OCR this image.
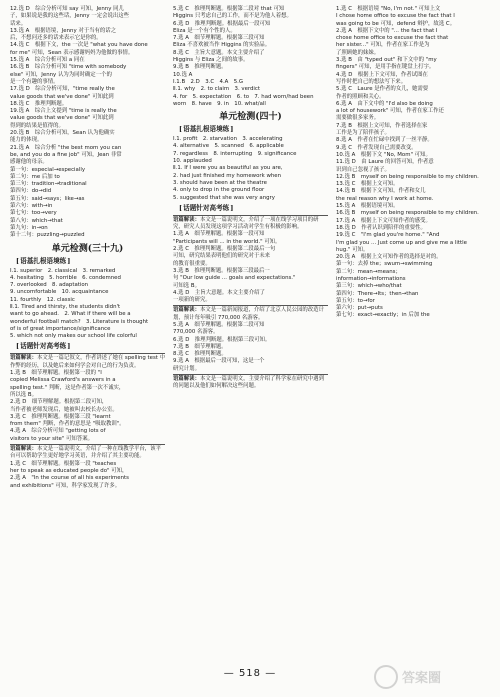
12.选 D　综合分析可知 say 可知，Jenny 同儿

子，如果说是我的这些话，Jenny 一定会说出这些

话来。

13.选 A　根据语境，Jenny 对于当有的话之

后，不想问还多的话来表示它是你的。

14.选 C　根据下文，the 一次是 "what you have done

for me" 可知，Sean 表示感谢妈妈为他做的事情。

15.选 A　综合分析可知 a 同在

16.选 B　综合分析可知 "time with somebody

else" 可知，Jenny 认为为同时确定一个的

是一个有趣的事情。

17.选 D　综合分析可知，"time really the

value goods that we've done" 可知此到

18.选 C　推理判断题。

19.选 A　综合上文提到 "time is really the

value goods that we've done" 可知此到

得到的结果是值得的。

20.选 B　综合分析可知，Sean 认为他确实

能力的体现。

21.选 A　综合分析 "the best mom you can

be, and you do a fine job" 可知，Jean 非常

感谢他的母亲。

第一句：especial→especially

第二句：me 后加 to

第三句：tradition→traditional

第四句：do→did

第五句：said→says；like→as

第六句：with→in

第七句：too→very

第八句：which→that

第九句：in→on

第十二句：puzzling→puzzled

单元检测(三十九)
[ 语基扎根语境练 ]

Ⅰ.1. superior　2. classical　3. remarked

4. hesitating　5. horrible　6. condemned

7. overlooked　8. adaptation

9. uncomfortable　10. acquaintance

11. fourthly　12. classic

Ⅱ.1. Tired and thirsty, the students didn't

want to go ahead.　2. What if there will be a

wonderful football match?　3. Literature is thought

of is of great importance/significance

5. which not only makes our school life colorful

[ 话题针对高考练 ]

语篇解读：本文是一篇记叙文，作者讲述了她在 spelling test 中作弊的经历，以及她后来如何学会对自己的行为负责。

1.选 B　细节理解题。根据第一段的 "I

copied Melissa Crawford's answers in a

spelling test." 判断，这是作者第一次不诚实，

所以选 B。

2.选 D　细节理解题。根据第二段可知，

当作者被老师发现后，她被叫去校长办公室。

3.选 C　推理判断题。根据第三段 "learnt

from them" 判断，作者的意思是 "吸取教训"。

4.选 A　综合分析可知 "getting lots of

visitors to your site" 可知答案。

语篇解读：本文是一篇说明文，介绍了一种在线教学平台，该平台可以帮助学生更好地学习英语，并介绍了其主要功能。

1.选 C　细节理解题。根据第一段 "teaches

her to speak as educated people do" 可知，

2.选 A　"In the course of all his experiments

and exhibitions" 可知，科学家发现了许多。

5.选 C　推理判断题。根据第二段对 that 可知

Higgins 只考虑自己的工作，而不是为他人着想。

6.选 D　推理判断题。根据最后一段可知

Eliza 是一个有个性的人。

7.选 A　细节理解题。根据第三段可知

Eliza 不喜欢被当作 Higgins 的实验品。

8.选 C　主旨大意题。本文主要介绍了

Higgins 与 Eliza 之间的故事。

9.选 B　推理判断题。

10.选 A

Ⅰ.1.B　2.D　3.C　4.A　5.G

Ⅱ.1. why　2. to claim　3. verdict

4. for　5. expectation　6. to　7. had worn/had been

worn　8. have　9. in　10. what/all

单元检测(四十)
[ 语基扎根语境练 ]

Ⅰ.1. profit　2. starvation　3. accelerating

4. alternative　5. scanned　6. applicable

7. regardless　8. interrupting　9. significance

10. applauded

Ⅱ.1. If I were you as beautiful as you are,

2. had just finished my homework when

3. should have been at the theatre

4. only to drop in the ground floor

5. suggested that she was very angry

[ 话题针对高考练 ]

语篇解读：本文是一篇说明文，介绍了一项在线学习项目的研究，研究人员发现这项学习活动对学生有积极的影响。

1.选 A　细节理解题。根据第一段可知

"Participants will ... in the world." 可知。

2.选 C　推理判断题。根据第二段最后一句

可知，研究结果表明他们的研究对于未来

的教育很重要。

3.选 B　推理判断题。根据第三段最后一

句 "Our low guide ... goals and expectations."

可知选 B。

4.选 D　主旨大意题。本文主要介绍了

一项新的研究。

语篇解读：本文是一篇新闻报道，介绍了北京人民公园的改造计划，预计每年吸引 770,000 名游客。

5.选 A　细节理解题。根据第二段可知

770,000 名游客。

6.选 D　推理判断题。根据第三段可知。

7.选 B　细节理解题。

8.选 C　推理判断题。

9.选 A　根据最后一段可知，这是一个

研究计划。

语篇解读：本文是一篇说明文，主要介绍了科学家在研究中遇到的问题以及他们如何解决这些问题。

1.选 C　根据语境 "No, I'm not." 可知上文

I chose home office to excuse the fact that I

was going to be 可知，defend 辩护，故选 C。

2.选 A　根据下文中的 "... the fact that I

chose home office to excuse the fact that

her sister..." 可知，作者在家工作是为

了照顾她的妹妹。

3.选 B　由 "typed out" 和下文中的 "my

fingers" 可知，是用手指在键盘上打字。

4.选 D　根据上下文可知，作者试图在

写作时把自己的想法写下来。

5.选 C　Laure 是作者的女儿，她需要

作者的照顾和关心。

6.选 A　由下文中的 "I'd also be doing

a lot of housework" 可知，作者在家工作还

需要做很多家务。

7.选 B　根据上文可知，作者选择在家

工作是为了陪伴孩子。

8.选 A　作者在忙碌中找到了一丝平静。

9.选 C　作者发现自己需要改变。

10.选 A　根据下文 "No, Mom" 可知。

11.选 D　由 Laure 的回答可知，作者意

识到自己忽视了孩子。

12.选 B　myself on being responsible to my children.

13.选 C　根据上文可知。

14.选 B　根据下文可知，作者和女儿

the real reason why I work at home.

15.选 A　根据语境可知。

16.选 B　myself on being responsible to my children.

17.选 A　根据上下文可知作者的感受。

18.选 D　作者认识到陪伴的重要性。

19.选 C　"I'm glad you're home." "And

I'm glad you ... Just come up and give me a little

hug." 可知。

20.选 A　根据上文可知作者的选择是对的。

第一句：去掉 the；swum→swimming

第二句：mean→means；

information→informations

第三句：which→who/that

第四句：There→Its；then→than

第五句：to→for

第六句：put→puts

第七句：exact→exactly；in 后加 the

— 518 —	答案圈
